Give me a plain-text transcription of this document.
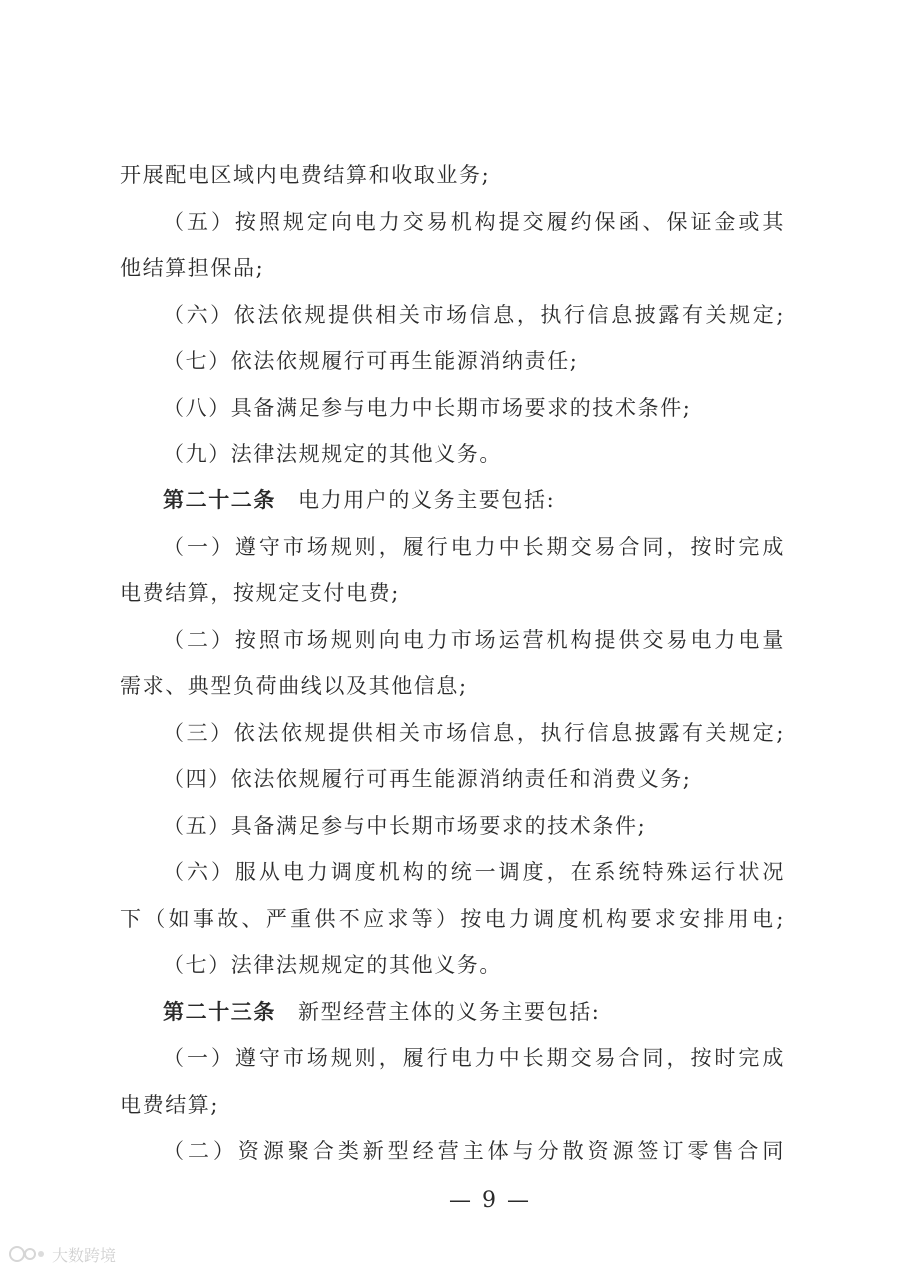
开展配电区域内电费结算和收取业务;
（五）按照规定向电力交易机构提交履约保函、保证金或其
他结算担保品;
（六）依法依规提供相关市场信息，执行信息披露有关规定;
（七）依法依规履行可再生能源消纳责任;
（八）具备满足参与电力中长期市场要求的技术条件;
（九）法律法规规定的其他义务。
第二十二条 电力用户的义务主要包括:
（一）遵守市场规则，履行电力中长期交易合同，按时完成
电费结算，按规定支付电费;
（二）按照市场规则向电力市场运营机构提供交易电力电量
需求、典型负荷曲线以及其他信息;
（三）依法依规提供相关市场信息，执行信息披露有关规定;
（四）依法依规履行可再生能源消纳责任和消费义务;
（五）具备满足参与中长期市场要求的技术条件;
（六）服从电力调度机构的统一调度，在系统特殊运行状况
下（如事故、严重供不应求等）按电力调度机构要求安排用电;
（七）法律法规规定的其他义务。
第二十三条 新型经营主体的义务主要包括:
（一）遵守市场规则，履行电力中长期交易合同，按时完成
电费结算;
（二）资源聚合类新型经营主体与分散资源签订零售合同
— 9 —
大数跨境
